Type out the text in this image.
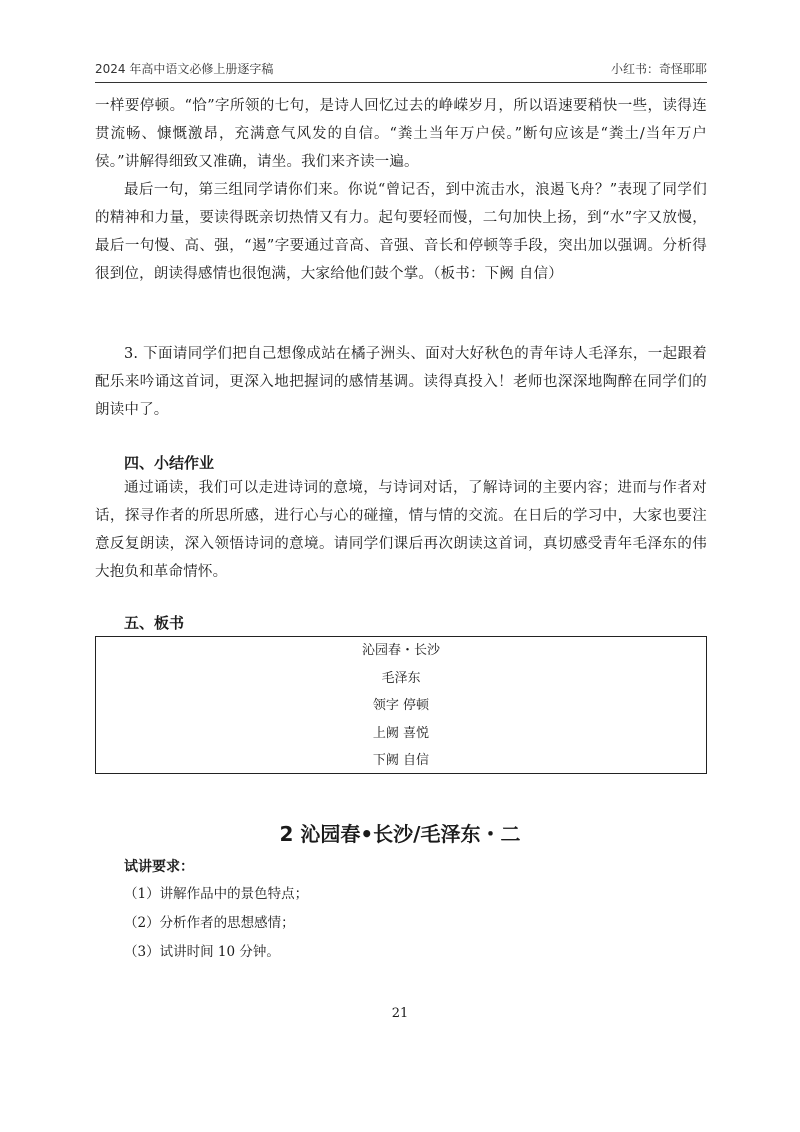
2024 年高中语文必修上册逐字稿	小红书：奇怪耶耶

一样要停顿。“恰”字所领的七句，是诗人回忆过去的峥嵘岁月，所以语速要稍快一些，读得连贯流畅、慷慨激昂，充满意气风发的自信。“粪土当年万户侯。”断句应该是“粪土/当年万户侯。”讲解得细致又准确，请坐。我们来齐读一遍。

最后一句，第三组同学请你们来。你说“曾记否，到中流击水，浪遏飞舟？”表现了同学们的精神和力量，要读得既亲切热情又有力。起句要轻而慢，二句加快上扬，到“水”字又放慢，最后一句慢、高、强，“遏”字要通过音高、音强、音长和停顿等手段，突出加以强调。分析得很到位，朗读得感情也很饱满，大家给他们鼓个掌。（板书：下阙 自信）

3. 下面请同学们把自己想像成站在橘子洲头、面对大好秋色的青年诗人毛泽东，一起跟着配乐来吟诵这首词，更深入地把握词的感情基调。读得真投入！老师也深深地陶醉在同学们的朗读中了。

四、小结作业

通过诵读，我们可以走进诗词的意境，与诗词对话，了解诗词的主要内容；进而与作者对话，探寻作者的所思所感，进行心与心的碰撞，情与情的交流。在日后的学习中，大家也要注意反复朗读，深入领悟诗词的意境。请同学们课后再次朗读这首词，真切感受青年毛泽东的伟大抱负和革命情怀。

五、板书
沁园春・长沙
毛泽东
领字 停顿
上阙 喜悦
下阙 自信
2 沁园春•长沙/毛泽东・二
试讲要求：
（1）讲解作品中的景色特点；
（2）分析作者的思想感情；
（3）试讲时间 10 分钟。
21
